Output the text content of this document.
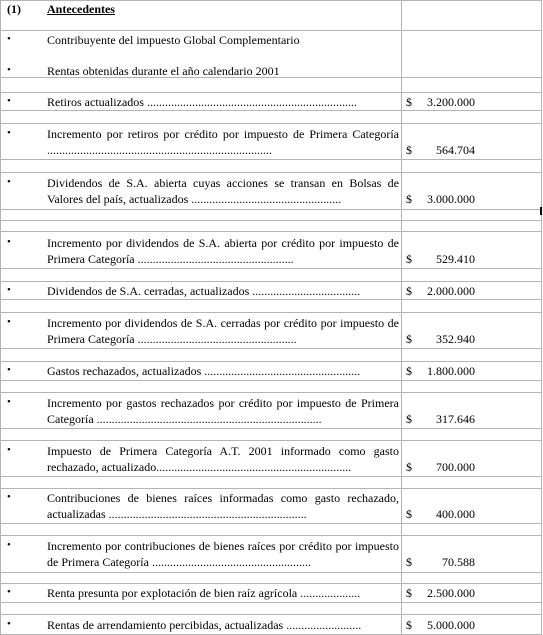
(1) Antecedentes
•	Contribuyente del impuesto Global Complementario
•	Rentas obtenidas durante el año calendario 2001
•	Retiros actualizados ......................................................................	$ 3.200.000
•	Incremento por retiros por crédito por impuesto de Primera Categoría ...........................................................................	$ 564.704
•	Dividendos de S.A. abierta cuyas acciones se transan en Bolsas de Valores del país, actualizados ..................................................	$ 3.000.000
•	Incremento por dividendos de S.A. abierta por crédito por impuesto de Primera Categoría ....................................................	$ 529.410
•	Dividendos de S.A. cerradas, actualizados ....................................	$ 2.000.000
•	Incremento por dividendos de S.A. cerradas por crédito por impuesto de Primera Categoría .....................................................	$ 352.940
•	Gastos rechazados, actualizados ....................................................	$ 1.800.000
•	Incremento por gastos rechazados por crédito por impuesto de Primera Categoría ...........................................................................	$ 317.646
•	Impuesto de Primera Categoría A.T. 2001 informado como gasto rechazado, actualizado.................................................................	$ 700.000
•	Contribuciones de bienes raíces informadas como gasto rechazado, actualizadas ..................................................................	$ 400.000
•	Incremento por contribuciones de bienes raíces por crédito por impuesto de Primera Categoría .....................................................	$	70.588
•	Renta presunta por explotación de bien raíz agrícola ....................	$ 2.500.000
•	Rentas de arrendamiento percibidas, actualizadas .........................	$ 5.000.000
